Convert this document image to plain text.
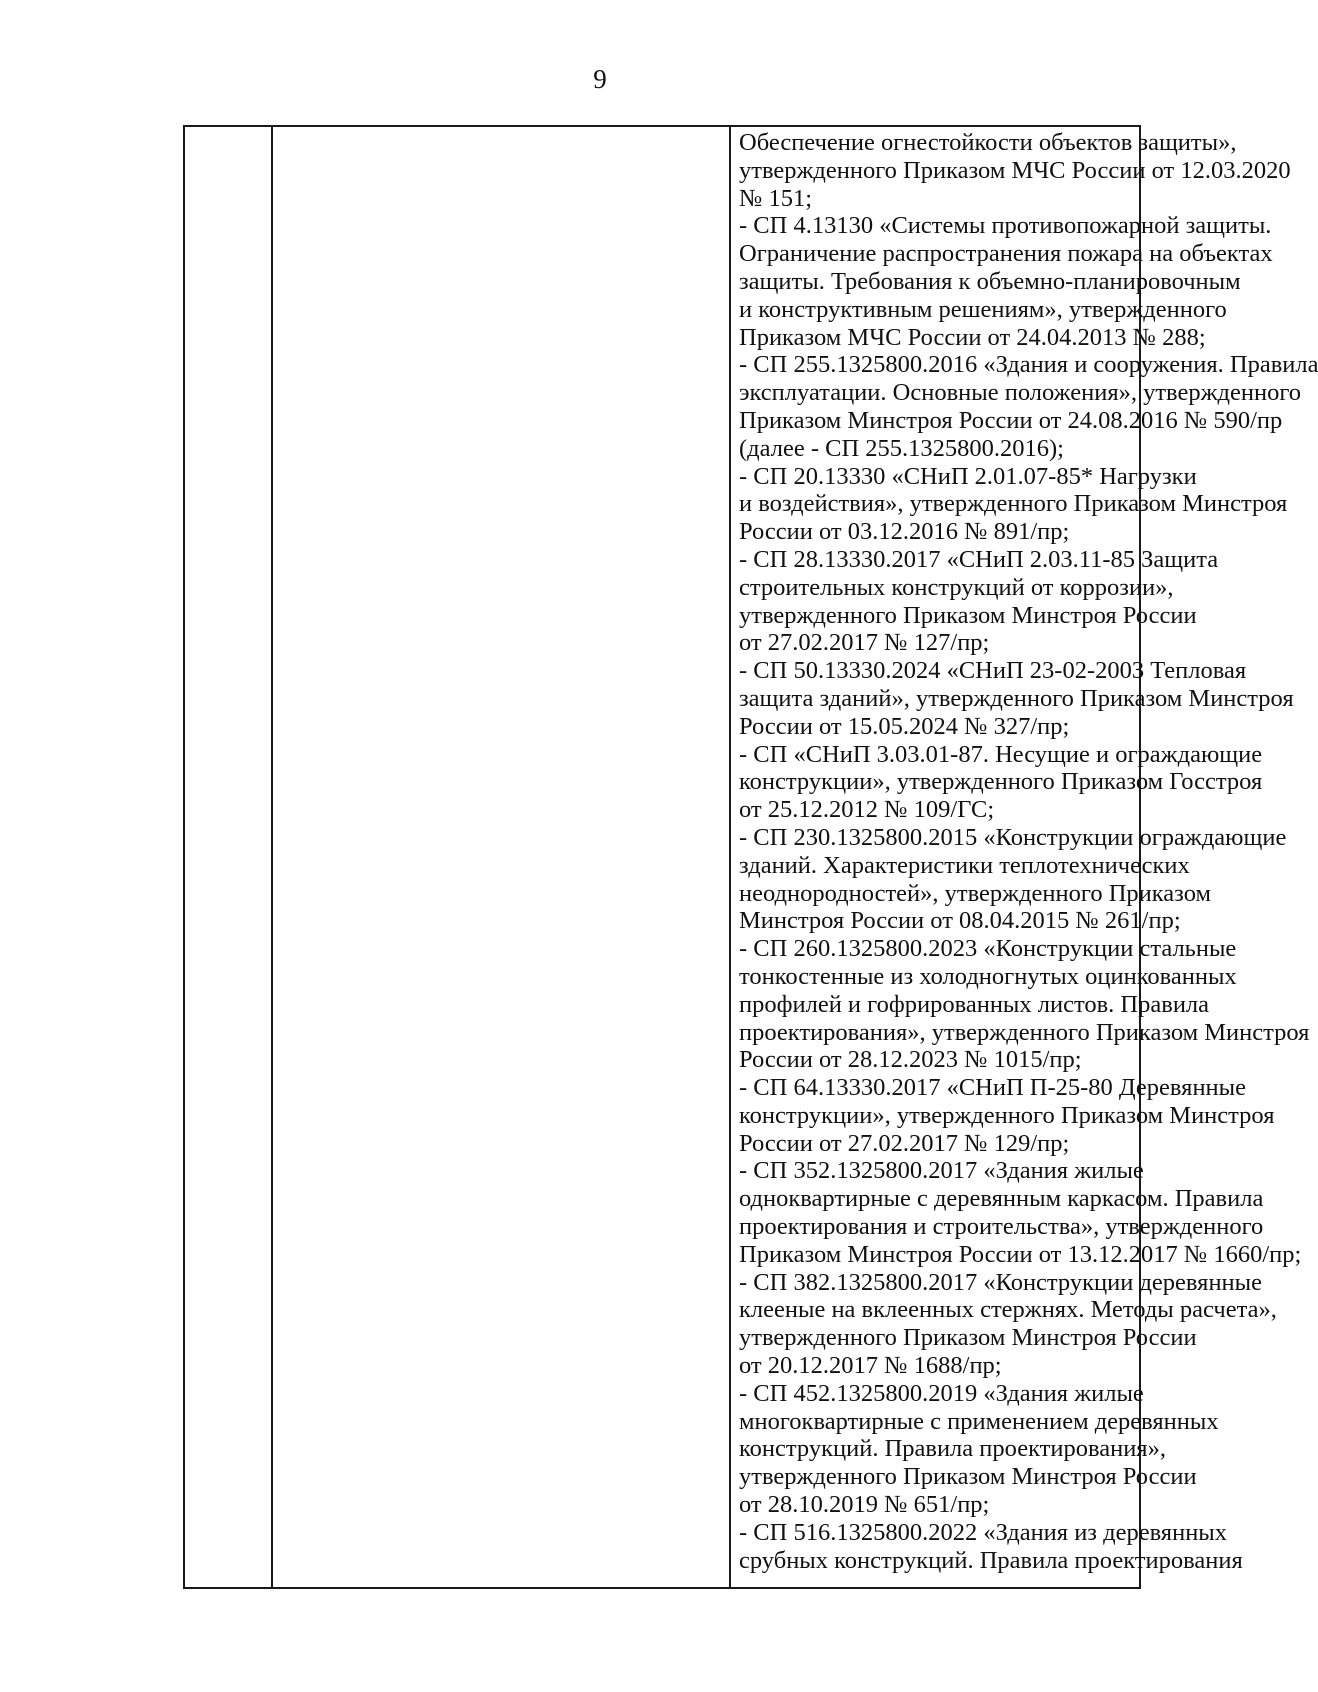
9
Обеспечение огнестойкости объектов защиты»,
утвержденного Приказом МЧС России от 12.03.2020
№ 151;
- СП 4.13130 «Системы противопожарной защиты.
Ограничение распространения пожара на объектах
защиты. Требования к объемно-планировочным
и конструктивным решениям», утвержденного
Приказом МЧС России от 24.04.2013 № 288;
- СП 255.1325800.2016 «Здания и сооружения. Правила
эксплуатации. Основные положения», утвержденного
Приказом Минстроя России от 24.08.2016 № 590/пр
(далее - СП 255.1325800.2016);
- СП 20.13330 «СНиП 2.01.07-85* Нагрузки
и воздействия», утвержденного Приказом Минстроя
России от 03.12.2016 № 891/пр;
- СП 28.13330.2017 «СНиП 2.03.11-85 Защита
строительных конструкций от коррозии»,
утвержденного Приказом Минстроя России
от 27.02.2017 № 127/пр;
- СП 50.13330.2024 «СНиП 23-02-2003 Тепловая
защита зданий», утвержденного Приказом Минстроя
России от 15.05.2024 № 327/пр;
- СП «СНиП 3.03.01-87. Несущие и ограждающие
конструкции», утвержденного Приказом Госстроя
от 25.12.2012 № 109/ГС;
- СП 230.1325800.2015 «Конструкции ограждающие
зданий. Характеристики теплотехнических
неоднородностей», утвержденного Приказом
Минстроя России от 08.04.2015 № 261/пр;
- СП 260.1325800.2023 «Конструкции стальные
тонкостенные из холодногнутых оцинкованных
профилей и гофрированных листов. Правила
проектирования», утвержденного Приказом Минстроя
России от 28.12.2023 № 1015/пр;
- СП 64.13330.2017 «СНиП П-25-80 Деревянные
конструкции», утвержденного Приказом Минстроя
России от 27.02.2017 № 129/пр;
- СП 352.1325800.2017 «Здания жилые
одноквартирные с деревянным каркасом. Правила
проектирования и строительства», утвержденного
Приказом Минстроя России от 13.12.2017 № 1660/пр;
- СП 382.1325800.2017 «Конструкции деревянные
клееные на вклеенных стержнях. Методы расчета»,
утвержденного Приказом Минстроя России
от 20.12.2017 № 1688/пр;
- СП 452.1325800.2019 «Здания жилые
многоквартирные с применением деревянных
конструкций. Правила проектирования»,
утвержденного Приказом Минстроя России
от 28.10.2019 № 651/пр;
- СП 516.1325800.2022 «Здания из деревянных
срубных конструкций. Правила проектирования
